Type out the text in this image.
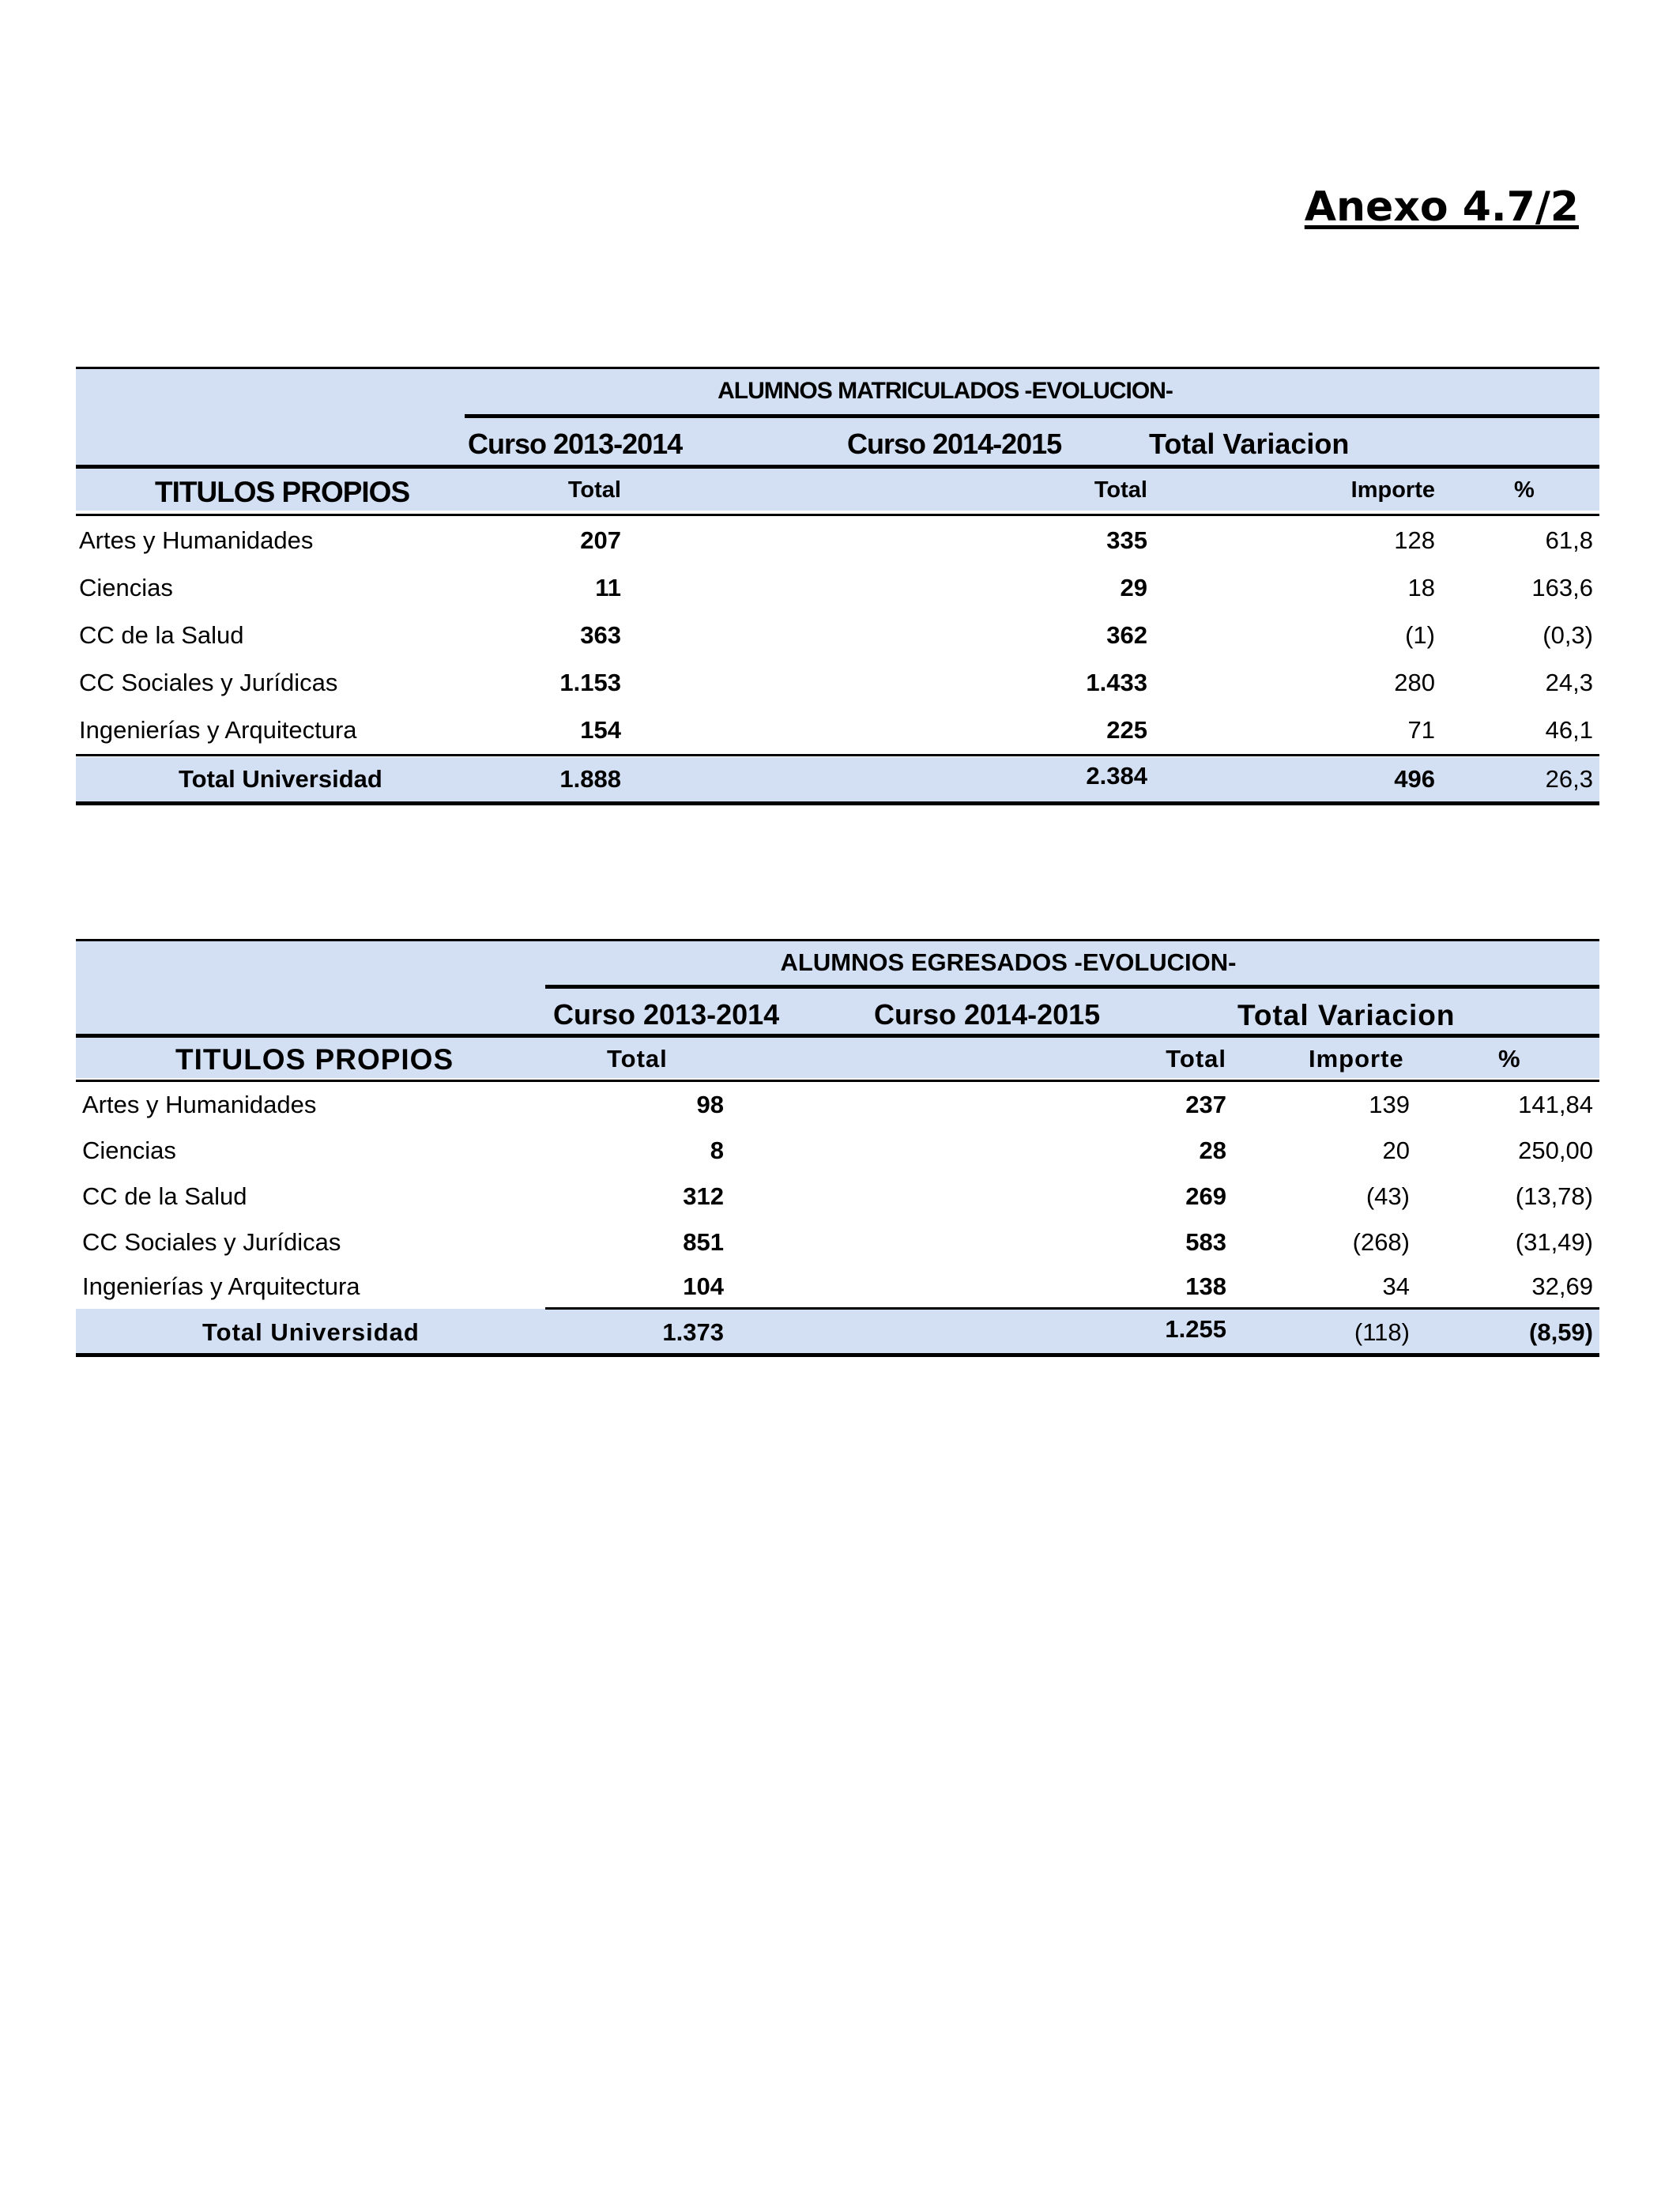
Anexo 4.7/2
ALUMNOS MATRICULADOS -EVOLUCION-
Curso 2013-2014	Curso 2014-2015	Total Variacion
TITULOS PROPIOS	Total	Total	Importe	%
Artes y Humanidades	207	335	128	61,8
Ciencias	11	29	18	163,6
CC de la Salud	363	362	(1)	(0,3)
CC Sociales y Jurídicas	1.153	1.433	280	24,3
Ingenierías y Arquitectura	154	225	71	46,1
Total Universidad	1.888	2.384	496	26,3
ALUMNOS EGRESADOS -EVOLUCION-
Curso 2013-2014	Curso 2014-2015	Total Variacion
TITULOS PROPIOS	Total	Total	Importe	%
Artes y Humanidades	98	237	139	141,84
Ciencias	8	28	20	250,00
CC de la Salud	312	269	(43)	(13,78)
CC Sociales y Jurídicas	851	583	(268)	(31,49)
Ingenierías y Arquitectura	104	138	34	32,69
Total Universidad	1.373	1.255	(118)	(8,59)
